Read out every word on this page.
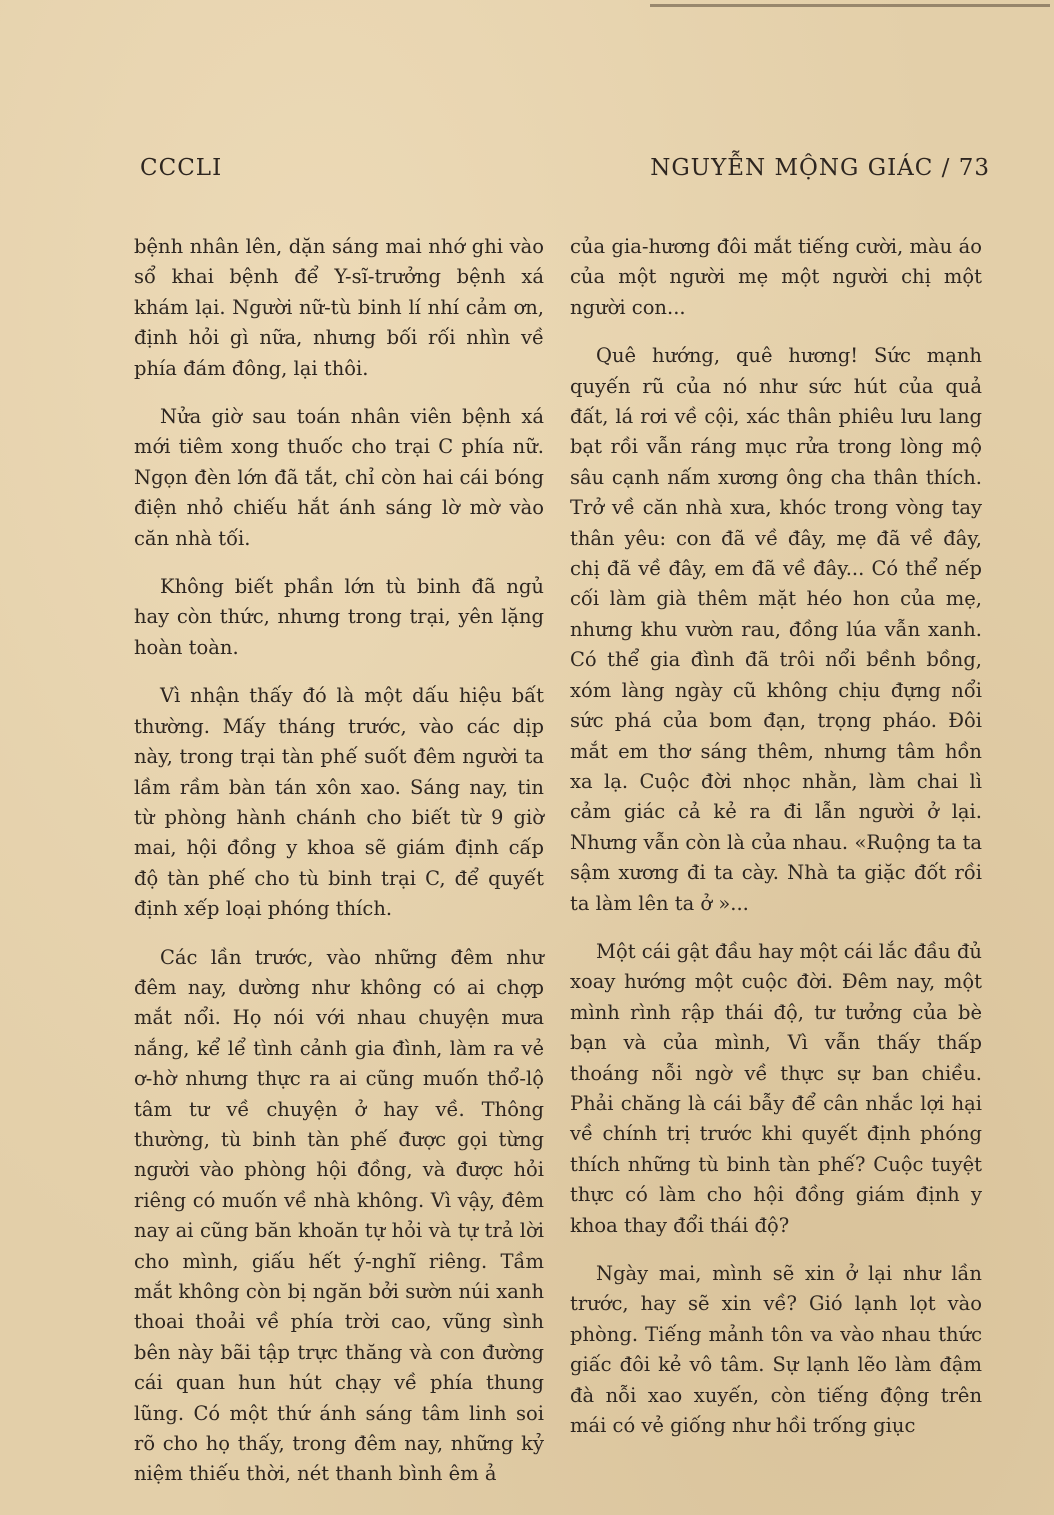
CCCLI	NGUYỄN MỘNG GIÁC / 73

bệnh nhân lên, dặn sáng mai nhớ ghi vào sổ khai bệnh để Y-sĩ-trưởng bệnh xá khám lại. Người nữ-tù binh lí nhí cảm ơn, định hỏi gì nữa, nhưng bối rối nhìn về phía đám đông, lại thôi.

Nửa giờ sau toán nhân viên bệnh xá mới tiêm xong thuốc cho trại C phía nữ. Ngọn đèn lớn đã tắt, chỉ còn hai cái bóng điện nhỏ chiếu hắt ánh sáng lờ mờ vào căn nhà tối.

Không biết phần lớn tù binh đã ngủ hay còn thức, nhưng trong trại, yên lặng hoàn toàn.

Vì nhận thấy đó là một dấu hiệu bất thường. Mấy tháng trước, vào các dịp này, trong trại tàn phế suốt đêm người ta lầm rầm bàn tán xôn xao. Sáng nay, tin từ phòng hành chánh cho biết từ 9 giờ mai, hội đồng y khoa sẽ giám định cấp độ tàn phế cho tù binh trại C, để quyết định xếp loại phóng thích.

Các lần trước, vào những đêm như đêm nay, dường như không có ai chợp mắt nổi. Họ nói với nhau chuyện mưa nắng, kể lể tình cảnh gia đình, làm ra vẻ ơ-hờ nhưng thực ra ai cũng muốn thổ-lộ tâm tư về chuyện ở hay về. Thông thường, tù binh tàn phế được gọi từng người vào phòng hội đồng, và được hỏi riêng có muốn về nhà không. Vì vậy, đêm nay ai cũng băn khoăn tự hỏi và tự trả lời cho mình, giấu hết ý-nghĩ riêng. Tầm mắt không còn bị ngăn bởi sườn núi xanh thoai thoải về phía trời cao, vũng sình bên này bãi tập trực thăng và con đường cái quan hun hút chạy về phía thung lũng. Có một thứ ánh sáng tâm linh soi rõ cho họ thấy, trong đêm nay, những kỷ niệm thiếu thời, nét thanh bình êm ả

của gia-hương đôi mắt tiếng cười, màu áo của một người mẹ một người chị một người con...

Quê hướng, quê hương! Sức mạnh quyến rũ của nó như sức hút của quả đất, lá rơi về cội, xác thân phiêu lưu lang bạt rồi vẫn ráng mục rửa trong lòng mộ sâu cạnh nấm xương ông cha thân thích. Trở về căn nhà xưa, khóc trong vòng tay thân yêu: con đã về đây, mẹ đã về đây, chị đã về đây, em đã về đây... Có thể nếp cối làm già thêm mặt héo hon của mẹ, nhưng khu vườn rau, đồng lúa vẫn xanh. Có thể gia đình đã trôi nổi bềnh bồng, xóm làng ngày cũ không chịu đựng nổi sức phá của bom đạn, trọng pháo. Đôi mắt em thơ sáng thêm, nhưng tâm hồn xa lạ. Cuộc đời nhọc nhằn, làm chai lì cảm giác cả kẻ ra đi lẫn người ở lại. Nhưng vẫn còn là của nhau. «Ruộng ta ta sậm xương đi ta cày. Nhà ta giặc đốt rồi ta làm lên ta ở »...

Một cái gật đầu hay một cái lắc đầu đủ xoay hướng một cuộc đời. Đêm nay, một mình rình rập thái độ, tư tưởng của bè bạn và của mình, Vì vẫn thấy thấp thoáng nỗi ngờ về thực sự ban chiều. Phải chăng là cái bẫy để cân nhắc lợi hại về chính trị trước khi quyết định phóng thích những tù binh tàn phế? Cuộc tuyệt thực có làm cho hội đồng giám định y khoa thay đổi thái độ?

Ngày mai, mình sẽ xin ở lại như lần trước, hay sẽ xin về? Gió lạnh lọt vào phòng. Tiếng mảnh tôn va vào nhau thức giấc đôi kẻ vô tâm. Sự lạnh lẽo làm đậm đà nỗi xao xuyến, còn tiếng động trên mái có vẻ giống như hồi trống giục
